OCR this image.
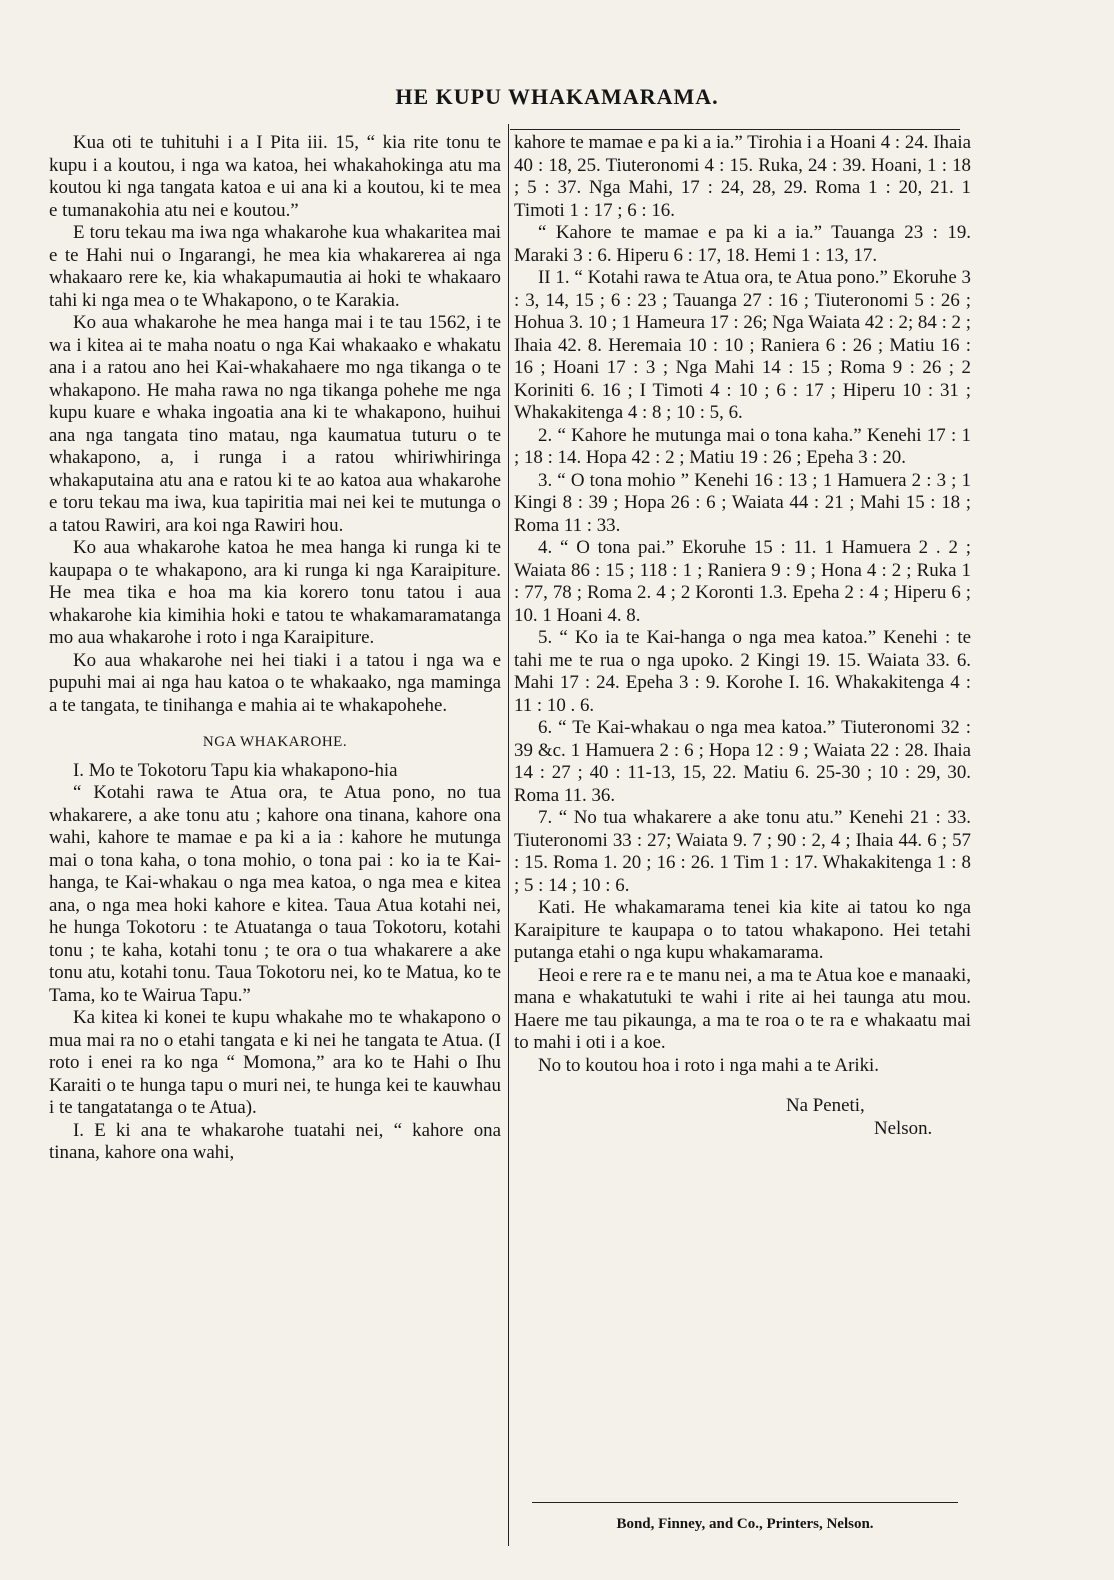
HE KUPU WHAKAMARAMA.

Kua oti te tuhituhi i a I Pita iii. 15, “ kia rite tonu te kupu i a koutou, i nga wa katoa, hei whakahokinga atu ma koutou ki nga tangata katoa e ui ana ki a koutou, ki te mea e tumanakohia atu nei e koutou.”

E toru tekau ma iwa nga whakarohe kua whakaritea mai e te Hahi nui o Ingarangi, he mea kia whakarerea ai nga whakaaro rere ke, kia whakapumautia ai hoki te whakaaro tahi ki nga mea o te Whakapono, o te Karakia.

Ko aua whakarohe he mea hanga mai i te tau 1562, i te wa i kitea ai te maha noatu o nga Kai whakaako e whakatu ana i a ratou ano hei Kai-whakahaere mo nga tikanga o te whakapono. He maha rawa no nga tikanga pohehe me nga kupu kuare e whaka ingoatia ana ki te whakapono, huihui ana nga tangata tino matau, nga kaumatua tuturu o te whakapono, a, i runga i a ratou whiriwhiringa whakaputaina atu ana e ratou ki te ao katoa aua whakarohe e toru tekau ma iwa, kua tapiritia mai nei kei te mutunga o a tatou Rawiri, ara koi nga Rawiri hou.

Ko aua whakarohe katoa he mea hanga ki runga ki te kaupapa o te whakapono, ara ki runga ki nga Karaipiture. He mea tika e hoa ma kia korero tonu tatou i aua whakarohe kia kimihia hoki e tatou te whakamaramatanga mo aua whakarohe i roto i nga Karaipiture.

Ko aua whakarohe nei hei tiaki i a tatou i nga wa e pupuhi mai ai nga hau katoa o te whakaako, nga maminga a te tangata, te tinihanga e mahia ai te whakapohehe.

NGA WHAKAROHE.

I. Mo te Tokotoru Tapu kia whakapono-hia

“ Kotahi rawa te Atua ora, te Atua pono, no tua whakarere, a ake tonu atu ; kahore ona tinana, kahore ona wahi, kahore te mamae e pa ki a ia : kahore he mutunga mai o tona kaha, o tona mohio, o tona pai : ko ia te Kai-hanga, te Kai-whakau o nga mea katoa, o nga mea e kitea ana, o nga mea hoki kahore e kitea. Taua Atua kotahi nei, he hunga Tokotoru : te Atuatanga o taua Tokotoru, kotahi tonu ; te kaha, kotahi tonu ; te ora o tua whakarere a ake tonu atu, kotahi tonu. Taua Tokotoru nei, ko te Matua, ko te Tama, ko te Wairua Tapu.”

Ka kitea ki konei te kupu whakahe mo te whakapono o mua mai ra no o etahi tangata e ki nei he tangata te Atua. (I roto i enei ra ko nga “ Momona,” ara ko te Hahi o Ihu Karaiti o te hunga tapu o muri nei, te hunga kei te kauwhau i te tangatatanga o te Atua).

I. E ki ana te whakarohe tuatahi nei, “ kahore ona tinana, kahore ona wahi,

kahore te mamae e pa ki a ia.” Tirohia i a Hoani 4 : 24. Ihaia 40 : 18, 25. Tiuteronomi 4 : 15. Ruka, 24 : 39. Hoani, 1 : 18 ; 5 : 37. Nga Mahi, 17 : 24, 28, 29. Roma 1 : 20, 21. 1 Timoti 1 : 17 ; 6 : 16.

“ Kahore te mamae e pa ki a ia.” Tauanga 23 : 19. Maraki 3 : 6. Hiperu 6 : 17, 18. Hemi 1 : 13, 17.

II 1. “ Kotahi rawa te Atua ora, te Atua pono.” Ekoruhe 3 : 3, 14, 15 ; 6 : 23 ; Tauanga 27 : 16 ; Tiuteronomi 5 : 26 ; Hohua 3. 10 ; 1 Hameura 17 : 26; Nga Waiata 42 : 2; 84 : 2 ; Ihaia 42. 8. Heremaia 10 : 10 ; Raniera 6 : 26 ; Matiu 16 : 16 ; Hoani 17 : 3 ; Nga Mahi 14 : 15 ; Roma 9 : 26 ; 2 Koriniti 6. 16 ; I Timoti 4 : 10 ; 6 : 17 ; Hiperu 10 : 31 ; Whakakitenga 4 : 8 ; 10 : 5, 6.

2. “ Kahore he mutunga mai o tona kaha.” Kenehi 17 : 1 ; 18 : 14. Hopa 42 : 2 ; Matiu 19 : 26 ; Epeha 3 : 20.

3. “ O tona mohio ” Kenehi 16 : 13 ; 1 Hamuera 2 : 3 ; 1 Kingi 8 : 39 ; Hopa 26 : 6 ; Waiata 44 : 21 ; Mahi 15 : 18 ; Roma 11 : 33.

4. “ O tona pai.” Ekoruhe 15 : 11. 1 Hamuera 2 . 2 ; Waiata 86 : 15 ; 118 : 1 ; Raniera 9 : 9 ; Hona 4 : 2 ; Ruka 1 : 77, 78 ; Roma 2. 4 ; 2 Koronti 1.3. Epeha 2 : 4 ; Hiperu 6 ; 10. 1 Hoani 4. 8.

5. “ Ko ia te Kai-hanga o nga mea katoa.” Kenehi : te tahi me te rua o nga upoko. 2 Kingi 19. 15. Waiata 33. 6. Mahi 17 : 24. Epeha 3 : 9. Korohe I. 16. Whakakitenga 4 : 11 : 10 . 6.

6. “ Te Kai-whakau o nga mea katoa.” Tiuteronomi 32 : 39 &c. 1 Hamuera 2 : 6 ; Hopa 12 : 9 ; Waiata 22 : 28. Ihaia 14 : 27 ; 40 : 11-13, 15, 22. Matiu 6. 25-30 ; 10 : 29, 30. Roma 11. 36.

7. “ No tua whakarere a ake tonu atu.” Kenehi 21 : 33. Tiuteronomi 33 : 27; Waiata 9. 7 ; 90 : 2, 4 ; Ihaia 44. 6 ; 57 : 15. Roma 1. 20 ; 16 : 26. 1 Tim 1 : 17. Whakakitenga 1 : 8 ; 5 : 14 ; 10 : 6.

Kati. He whakamarama tenei kia kite ai tatou ko nga Karaipiture te kaupapa o to tatou whakapono. Hei tetahi putanga etahi o nga kupu whakamarama.

Heoi e rere ra e te manu nei, a ma te Atua koe e manaaki, mana e whakatutuki te wahi i rite ai hei taunga atu mou. Haere me tau pikaunga, a ma te roa o te ra e whakaatu mai to mahi i oti i a koe.

No to koutou hoa i roto i nga mahi a te Ariki.

Na Peneti,
Nelson.
Bond, Finney, and Co., Printers, Nelson.
